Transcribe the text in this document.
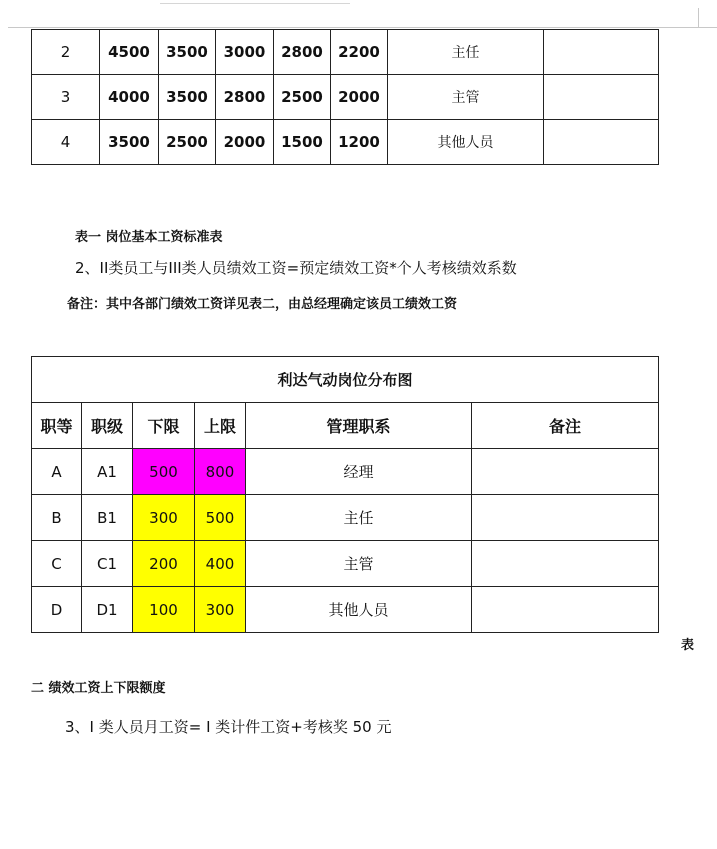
2	4500	3500	3000	2800	2200	主任	
3	4000	3500	2800	2500	2000	主管	
4	3500	2500	2000	1500	1200	其他人员	
表一 岗位基本工资标准表
2、II类员工与III类人员绩效工资=预定绩效工资*个人考核绩效系数
备注：其中各部门绩效工资详见表二，由总经理确定该员工绩效工资
利达气动岗位分布图					
职等	职级	下限	上限	管理职系	备注
A	A1	500	800	经理	
B	B1	300	500	主任	
C	C1	200	400	主管	
D	D1	100	300	其他人员	
表
二 绩效工资上下限额度
3、I 类人员月工资= I 类计件工资+考核奖 50 元
